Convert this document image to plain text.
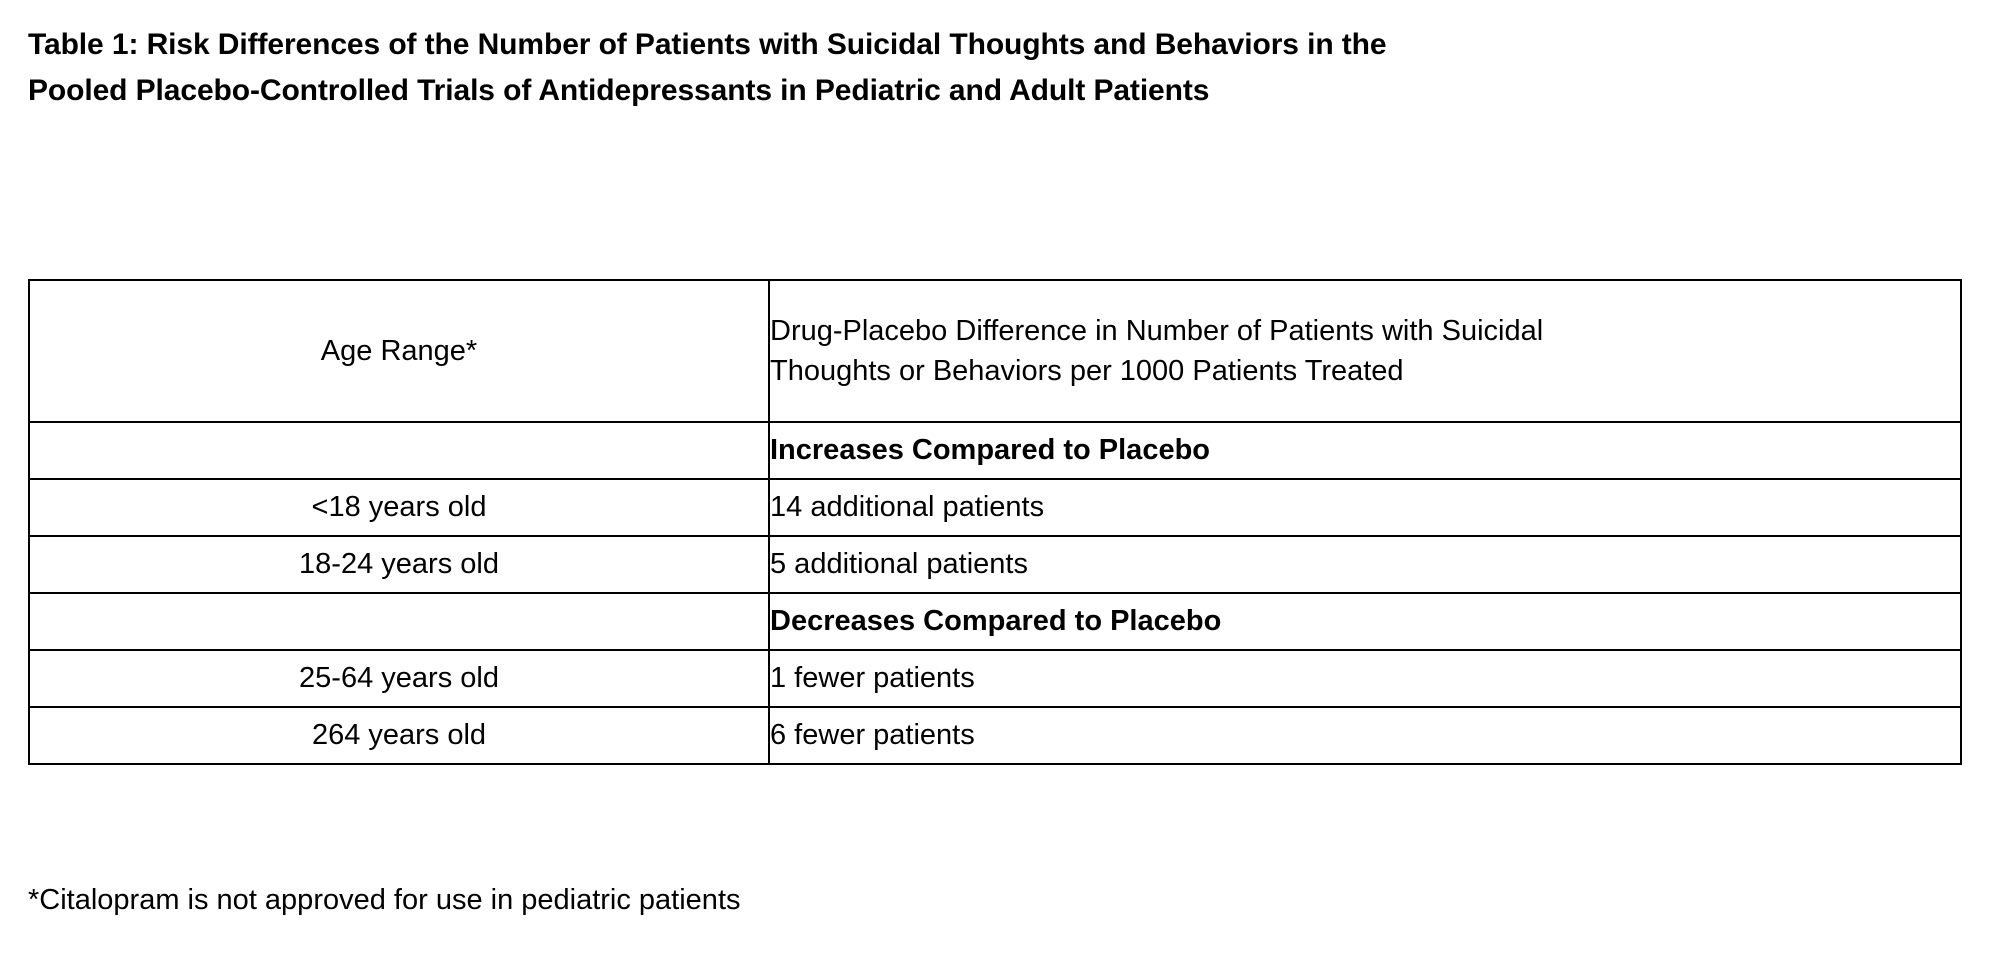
Table 1: Risk Differences of the Number of Patients with Suicidal Thoughts and Behaviors in the
Pooled Placebo-Controlled Trials of Antidepressants in Pediatric and Adult Patients
Age Range*	Drug-Placebo Difference in Number of Patients with Suicidal
Thoughts or Behaviors per 1000 Patients Treated

	Increases Compared to Placebo
<18 years old	14 additional patients
18-24 years old	5 additional patients
	Decreases Compared to Placebo
25-64 years old	1 fewer patients
264 years old	6 fewer patients
*Citalopram is not approved for use in pediatric patients
